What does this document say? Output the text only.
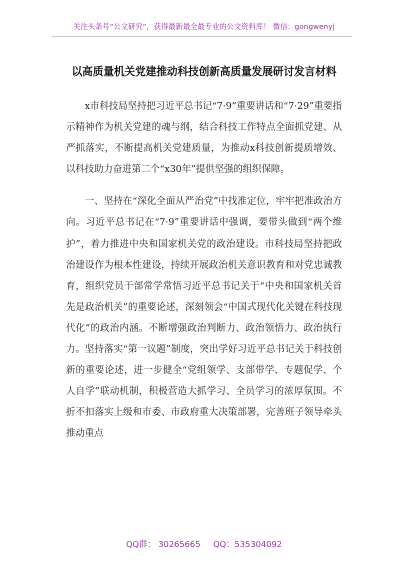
关注头条号“公文研究”，获得最新最全最专业的公文资料库！ 微信：gongwenyj
以高质量机关党建推动科技创新高质量发展研讨发言材料

x市科技局坚持把习近平总书记“7·9”重要讲话和“7·29”重要指示精神作为机关党建的魂与纲，结合科技工作特点全面抓党建、从严抓落实，不断提高机关党建质量，为推动x科技创新提质增效、以科技助力奋进第二个“x30年”提供坚强的组织保障。

一、坚持在“深化全面从严治党”中找准定位，牢牢把准政治方向。习近平总书记在“7·9”重要讲话中强调，要带头做到“两个维护”，着力推进中央和国家机关党的政治建设。市科技局坚持把政治建设作为根本性建设，持续开展政治机关意识教育和对党忠诚教育，组织党员干部常学常悟习近平总书记关于“中央和国家机关首先是政治机关”的重要论述，深刻领会“中国式现代化关键在科技现代化”的政治内涵。不断增强政治判断力、政治领悟力、政治执行力。坚持落实“第一议题”制度，突出学好习近平总书记关于科技创新的重要论述，进一步健全“党组领学、支部带学、专题促学、个人自学”联动机制，积极营造大抓学习、全员学习的浓厚氛围。不折不扣落实上级和市委、市政府重大决策部署，完善班子领导牵头推动重点

QQ群： 30265665 QQ：535304092
